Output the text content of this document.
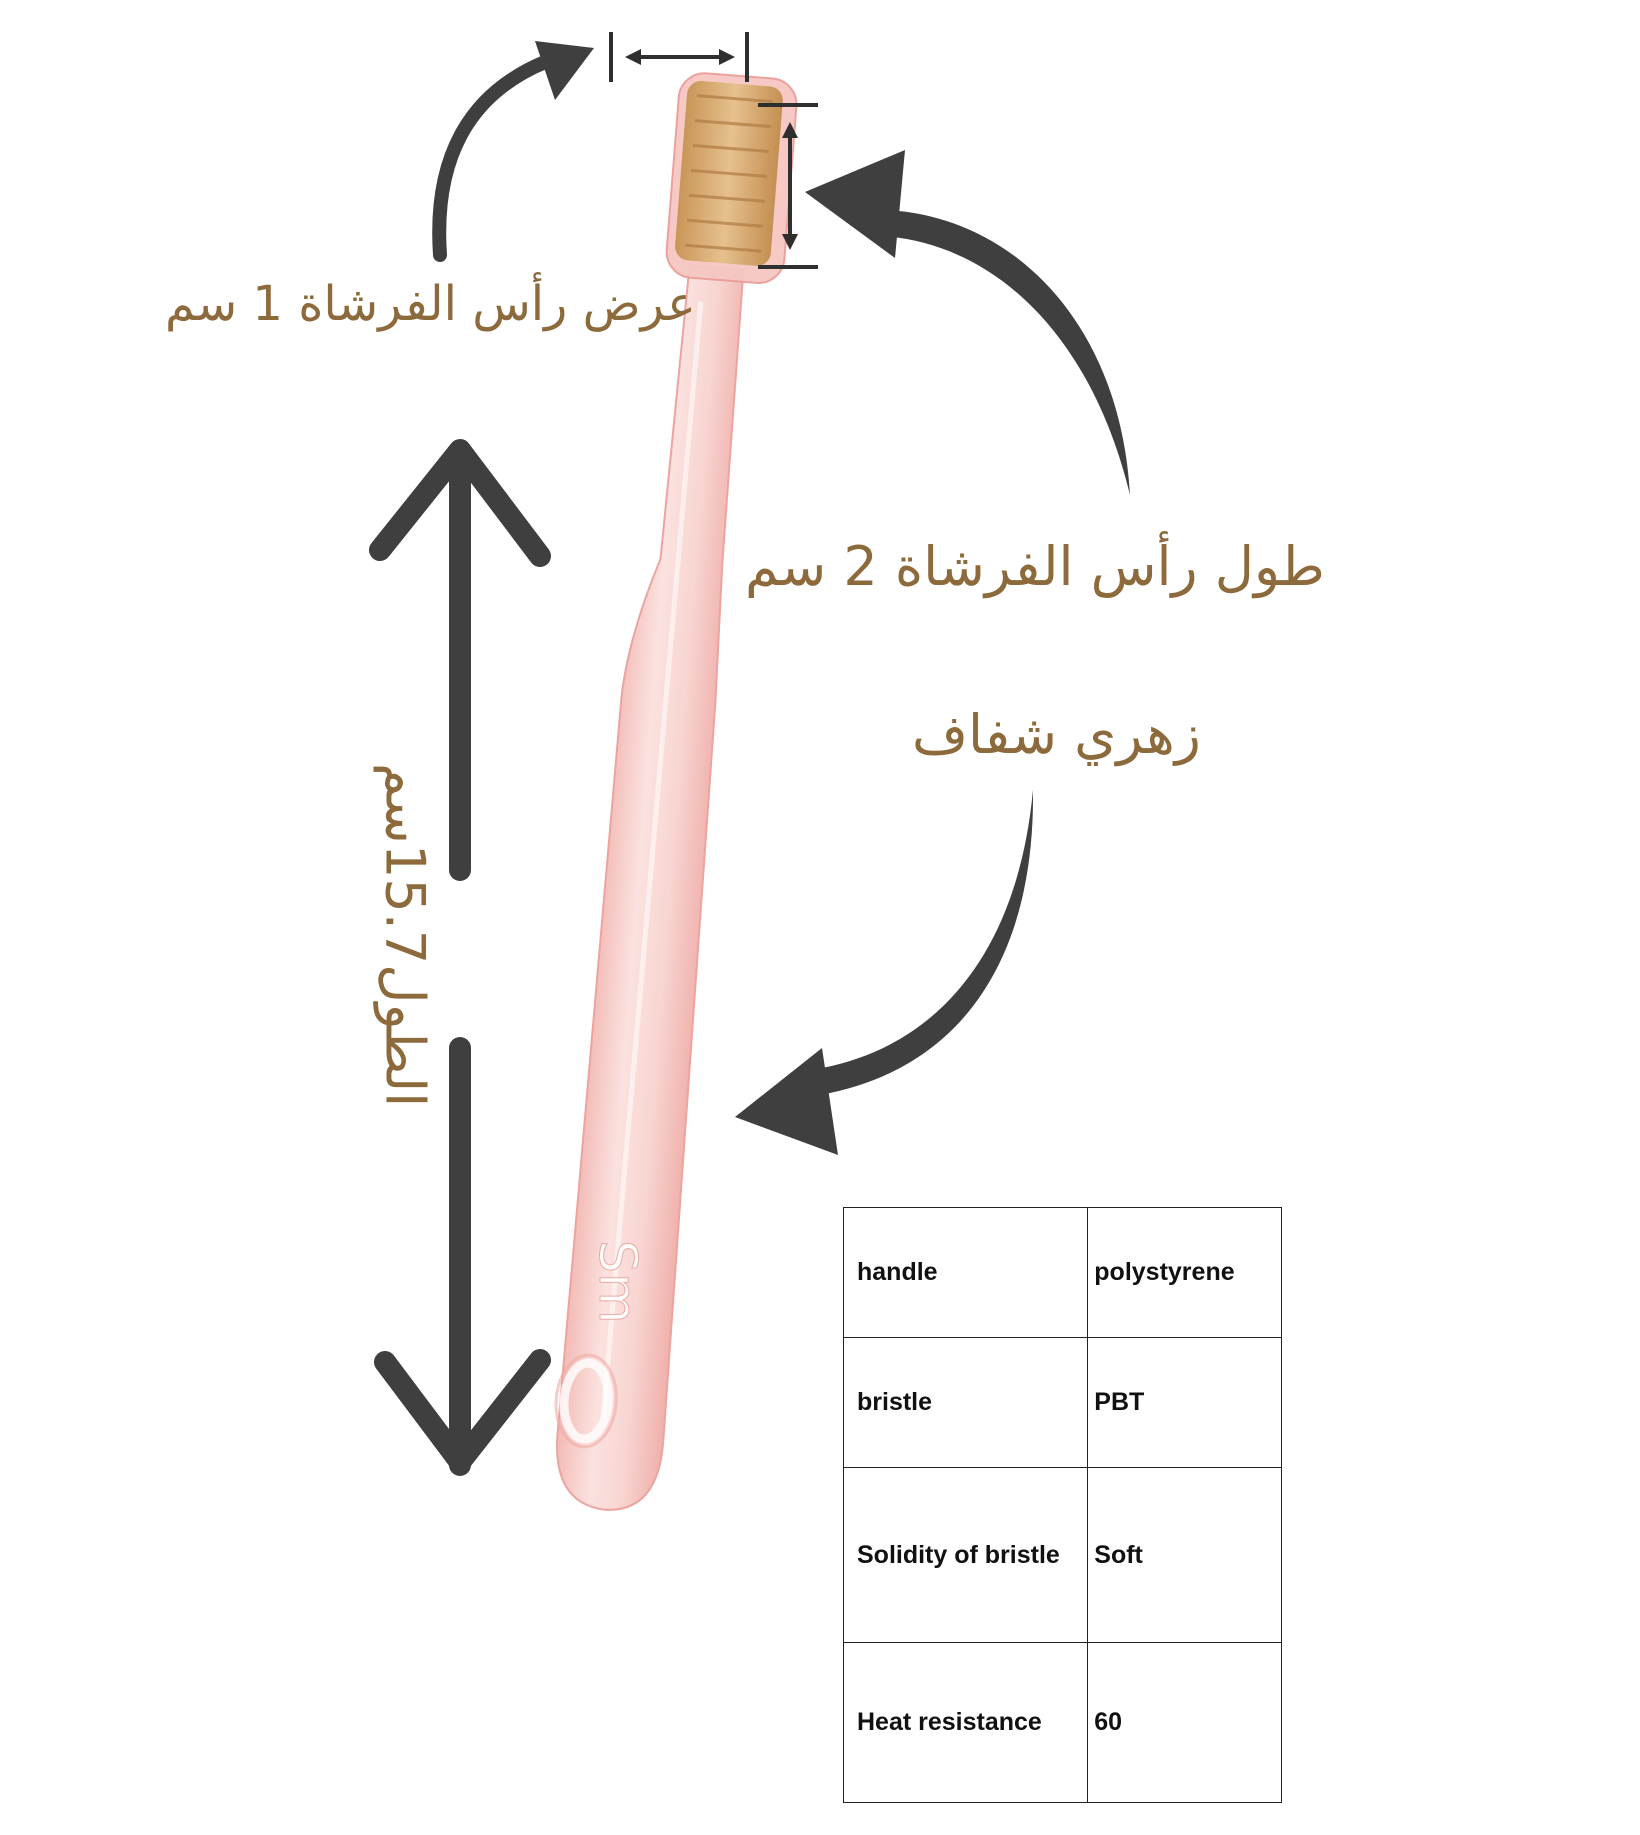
Sm
عرض رأس الفرشاة 1 سم
طول رأس الفرشاة 2 سم
زهري شفاف
الطول15.7سم
handle	polystyrene
bristle	PBT
Solidity of bristle	Soft
Heat resistance	60
